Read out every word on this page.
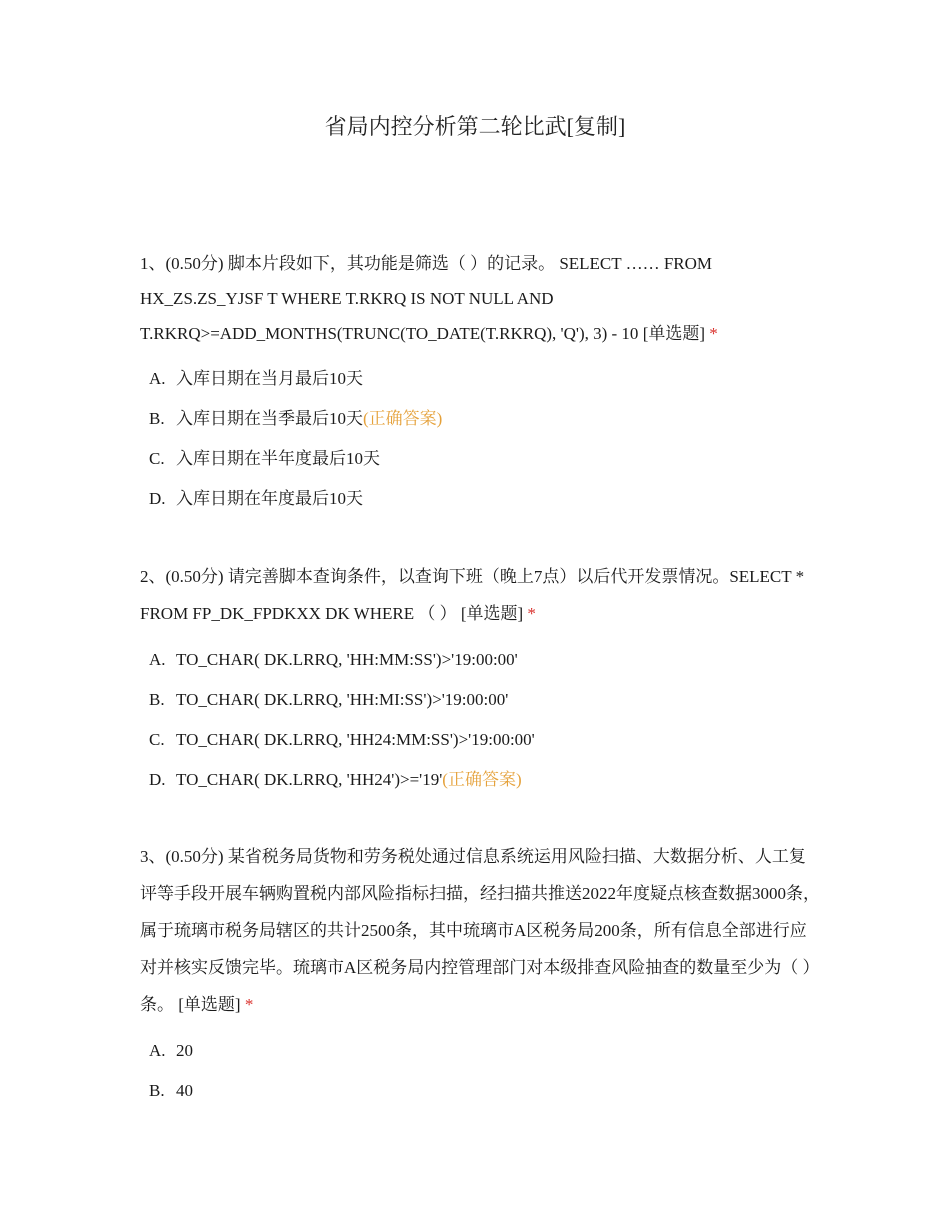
省局内控分析第二轮比武[复制]

1、(0.50分) 脚本片段如下，其功能是筛选（ ）的记录。 SELECT …… FROM HX_ZS.ZS_YJSF T WHERE T.RKRQ IS NOT NULL AND T.RKRQ>=ADD_MONTHS(TRUNC(TO_DATE(T.RKRQ), 'Q'), 3) - 10 [单选题] *

A. 入库日期在当月最后10天
B. 入库日期在当季最后10天(正确答案)
C. 入库日期在半年度最后10天
D. 入库日期在年度最后10天

2、(0.50分) 请完善脚本查询条件，以查询下班（晚上7点）以后代开发票情况。SELECT * FROM FP_DK_FPDKXX DK WHERE （ ） [单选题] *

A. TO_CHAR( DK.LRRQ, 'HH:MM:SS')>'19:00:00'
B. TO_CHAR( DK.LRRQ, 'HH:MI:SS')>'19:00:00'
C. TO_CHAR( DK.LRRQ, 'HH24:MM:SS')>'19:00:00'
D. TO_CHAR( DK.LRRQ, 'HH24')>='19'(正确答案)

3、(0.50分) 某省税务局货物和劳务税处通过信息系统运用风险扫描、大数据分析、人工复评等手段开展车辆购置税内部风险指标扫描，经扫描共推送2022年度疑点核查数据3000条，属于琉璃市税务局辖区的共计2500条，其中琉璃市A区税务局200条，所有信息全部进行应对并核实反馈完毕。琉璃市A区税务局内控管理部门对本级排查风险抽查的数量至少为（ ）条。 [单选题] *

A. 20
B. 40
